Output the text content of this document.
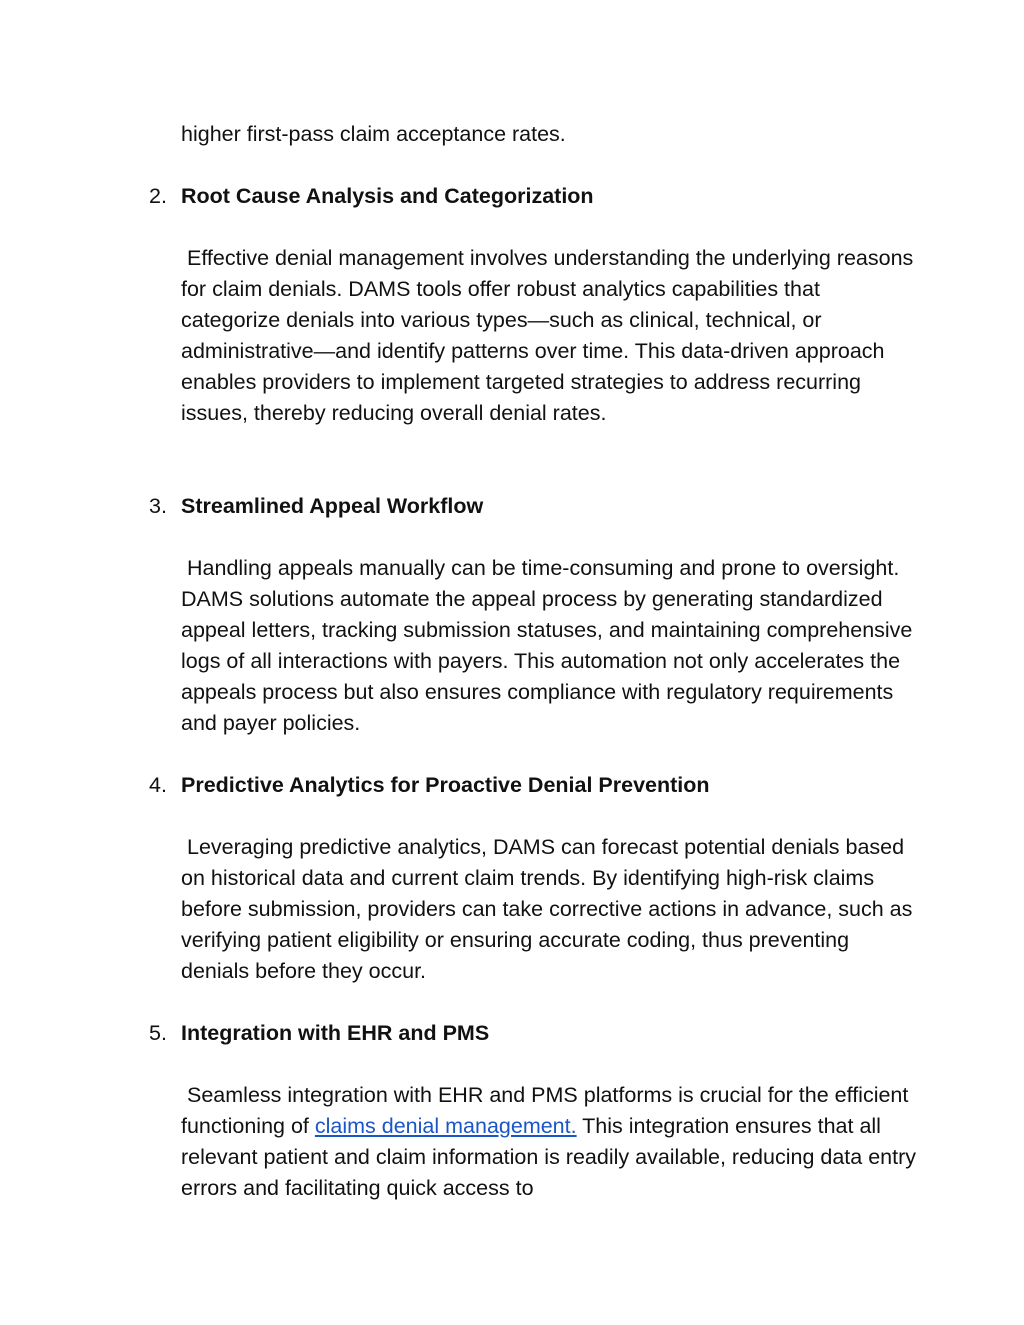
higher first-pass claim acceptance rates.

2. Root Cause Analysis and Categorization

Effective denial management involves understanding the underlying reasons for claim denials. DAMS tools offer robust analytics capabilities that categorize denials into various types—such as clinical, technical, or administrative—and identify patterns over time. This data-driven approach enables providers to implement targeted strategies to address recurring issues, thereby reducing overall denial rates.

3. Streamlined Appeal Workflow

Handling appeals manually can be time-consuming and prone to oversight. DAMS solutions automate the appeal process by generating standardized appeal letters, tracking submission statuses, and maintaining comprehensive logs of all interactions with payers. This automation not only accelerates the appeals process but also ensures compliance with regulatory requirements and payer policies.

4. Predictive Analytics for Proactive Denial Prevention

Leveraging predictive analytics, DAMS can forecast potential denials based on historical data and current claim trends. By identifying high-risk claims before submission, providers can take corrective actions in advance, such as verifying patient eligibility or ensuring accurate coding, thus preventing denials before they occur.

5. Integration with EHR and PMS

Seamless integration with EHR and PMS platforms is crucial for the efficient functioning of claims denial management. This integration ensures that all relevant patient and claim information is readily available, reducing data entry errors and facilitating quick access to
